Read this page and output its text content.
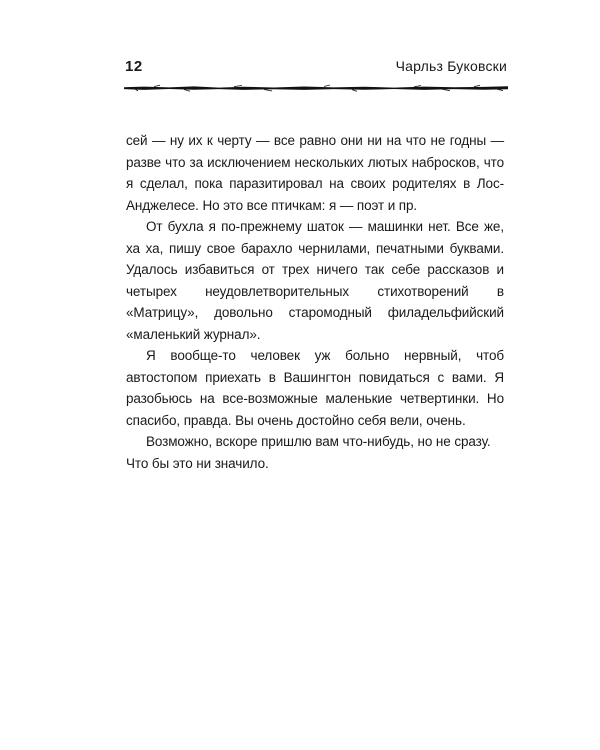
12	Чарльз Буковски

сей — ну их к черту — все равно они ни на что не годны — разве что за исключением нескольких лютых набросков, что я сделал, пока паразитировал на своих родителях в Лос-Анджелесе. Но это все птичкам: я — поэт и пр.

От бухла я по-прежнему шаток — машинки нет. Все же, ха ха, пишу свое барахло чернилами, печатными буквами. Удалось избавиться от трех ничего так себе рассказов и четырех неудовлетворительных стихотворений в «Матрицу», довольно старомодный филадельфийский «маленький журнал».

Я вообще-то человек уж больно нервный, чтоб автостопом приехать в Вашингтон повидаться с вами. Я разобьюсь на все-возможные маленькие четвертинки. Но спасибо, правда. Вы очень достойно себя вели, очень.

Возможно, вскоре пришлю вам что-нибудь, но не сразу. Что бы это ни значило.
